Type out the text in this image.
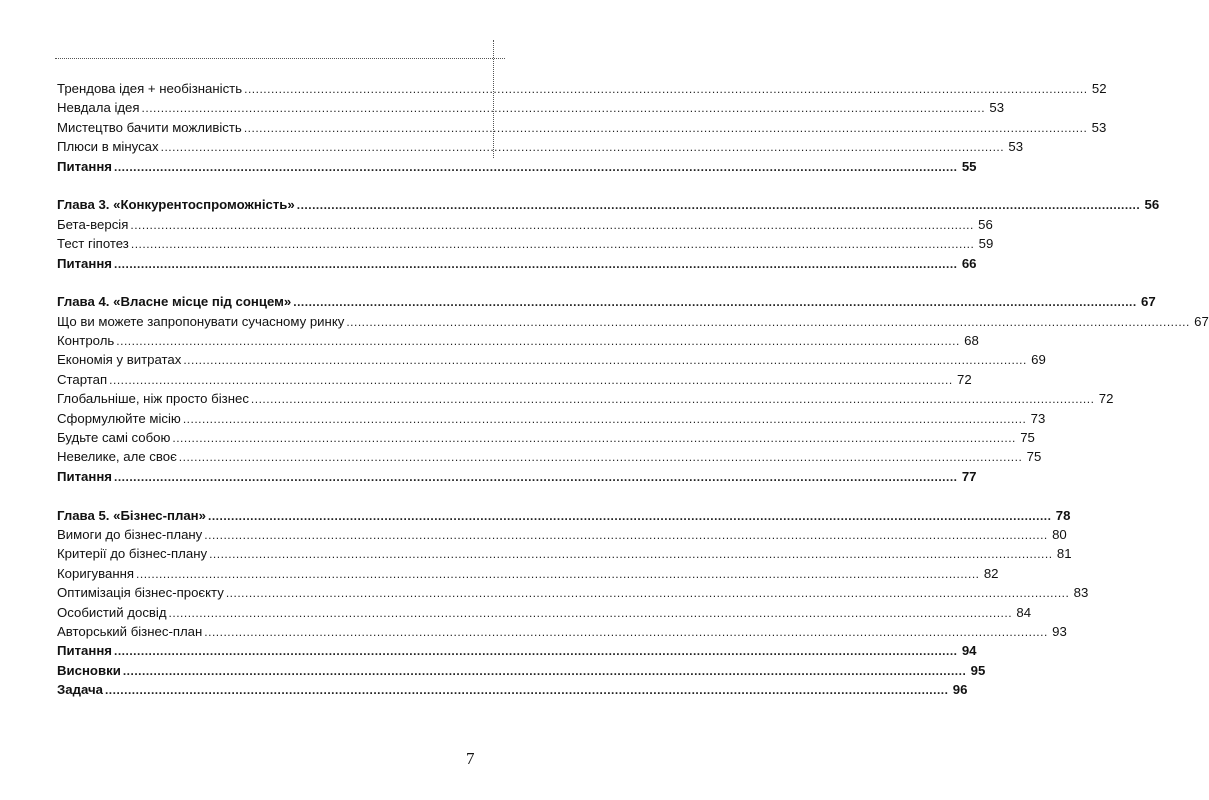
Трендова ідея + необізнаність ............................................................................................................................................................................................................................ 52
Невдала ідея ............................................................................................................................................................................................................................ 53
Мистецтво бачити можливість ............................................................................................................................................................................................................................ 53
Плюси в мінусах ............................................................................................................................................................................................................................ 53
Питання ............................................................................................................................................................................................................................ 55
Глава 3. «Конкурентоспроможність» ............................................................................................................................................................................................................................ 56
Бета-версія ............................................................................................................................................................................................................................ 56
Тест гіпотез ............................................................................................................................................................................................................................ 59
Питання ............................................................................................................................................................................................................................ 66
Глава 4. «Власне місце під сонцем» ............................................................................................................................................................................................................................ 67
Що ви можете запропонувати сучасному ринку ............................................................................................................................................................................................................................ 67
Контроль ............................................................................................................................................................................................................................ 68
Економія у витратах ............................................................................................................................................................................................................................ 69
Стартап ............................................................................................................................................................................................................................ 72
Глобальніше, ніж просто бізнес ............................................................................................................................................................................................................................ 72
Сформулюйте місію ............................................................................................................................................................................................................................ 73
Будьте самі собою ............................................................................................................................................................................................................................ 75
Невелике, але своє ............................................................................................................................................................................................................................ 75
Питання ............................................................................................................................................................................................................................ 77
Глава 5. «Бізнес-план» ............................................................................................................................................................................................................................ 78
Вимоги до бізнес-плану ............................................................................................................................................................................................................................ 80
Критерії до бізнес-плану ............................................................................................................................................................................................................................ 81
Коригування ............................................................................................................................................................................................................................ 82
Оптимізація бізнес-проєкту ............................................................................................................................................................................................................................ 83
Особистий досвід ............................................................................................................................................................................................................................ 84
Авторський бізнес-план ............................................................................................................................................................................................................................ 93
Питання ............................................................................................................................................................................................................................ 94
Висновки ............................................................................................................................................................................................................................ 95
Задача ............................................................................................................................................................................................................................ 96
7
